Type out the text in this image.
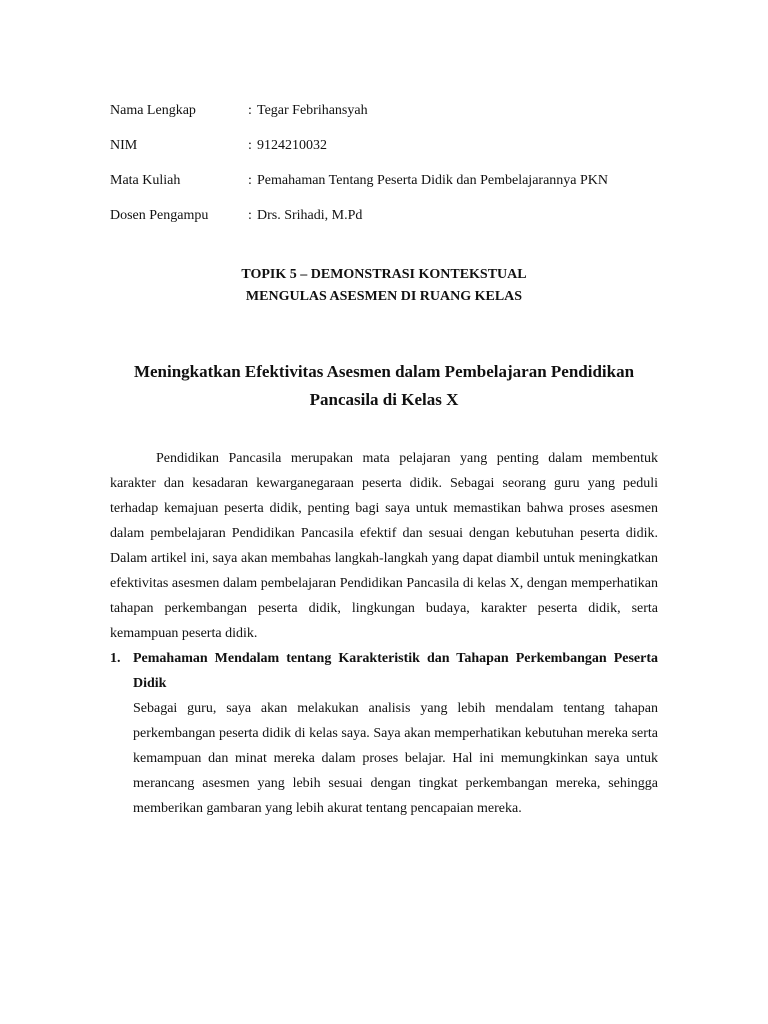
Nama Lengkap	: Tegar Febrihansyah
NIM	: 9124210032
Mata Kuliah	: Pemahaman Tentang Peserta Didik dan Pembelajarannya PKN
Dosen Pengampu	: Drs. Srihadi, M.Pd
TOPIK 5 – DEMONSTRASI KONTEKSTUAL
MENGULAS ASESMEN DI RUANG KELAS
Meningkatkan Efektivitas Asesmen dalam Pembelajaran Pendidikan Pancasila di Kelas X

Pendidikan Pancasila merupakan mata pelajaran yang penting dalam membentuk karakter dan kesadaran kewarganegaraan peserta didik. Sebagai seorang guru yang peduli terhadap kemajuan peserta didik, penting bagi saya untuk memastikan bahwa proses asesmen dalam pembelajaran Pendidikan Pancasila efektif dan sesuai dengan kebutuhan peserta didik. Dalam artikel ini, saya akan membahas langkah-langkah yang dapat diambil untuk meningkatkan efektivitas asesmen dalam pembelajaran Pendidikan Pancasila di kelas X, dengan memperhatikan tahapan perkembangan peserta didik, lingkungan budaya, karakter peserta didik, serta kemampuan peserta didik.

1. Pemahaman Mendalam tentang Karakteristik dan Tahapan Perkembangan Peserta Didik

Sebagai guru, saya akan melakukan analisis yang lebih mendalam tentang tahapan perkembangan peserta didik di kelas saya. Saya akan memperhatikan kebutuhan mereka serta kemampuan dan minat mereka dalam proses belajar. Hal ini memungkinkan saya untuk merancang asesmen yang lebih sesuai dengan tingkat perkembangan mereka, sehingga memberikan gambaran yang lebih akurat tentang pencapaian mereka.
